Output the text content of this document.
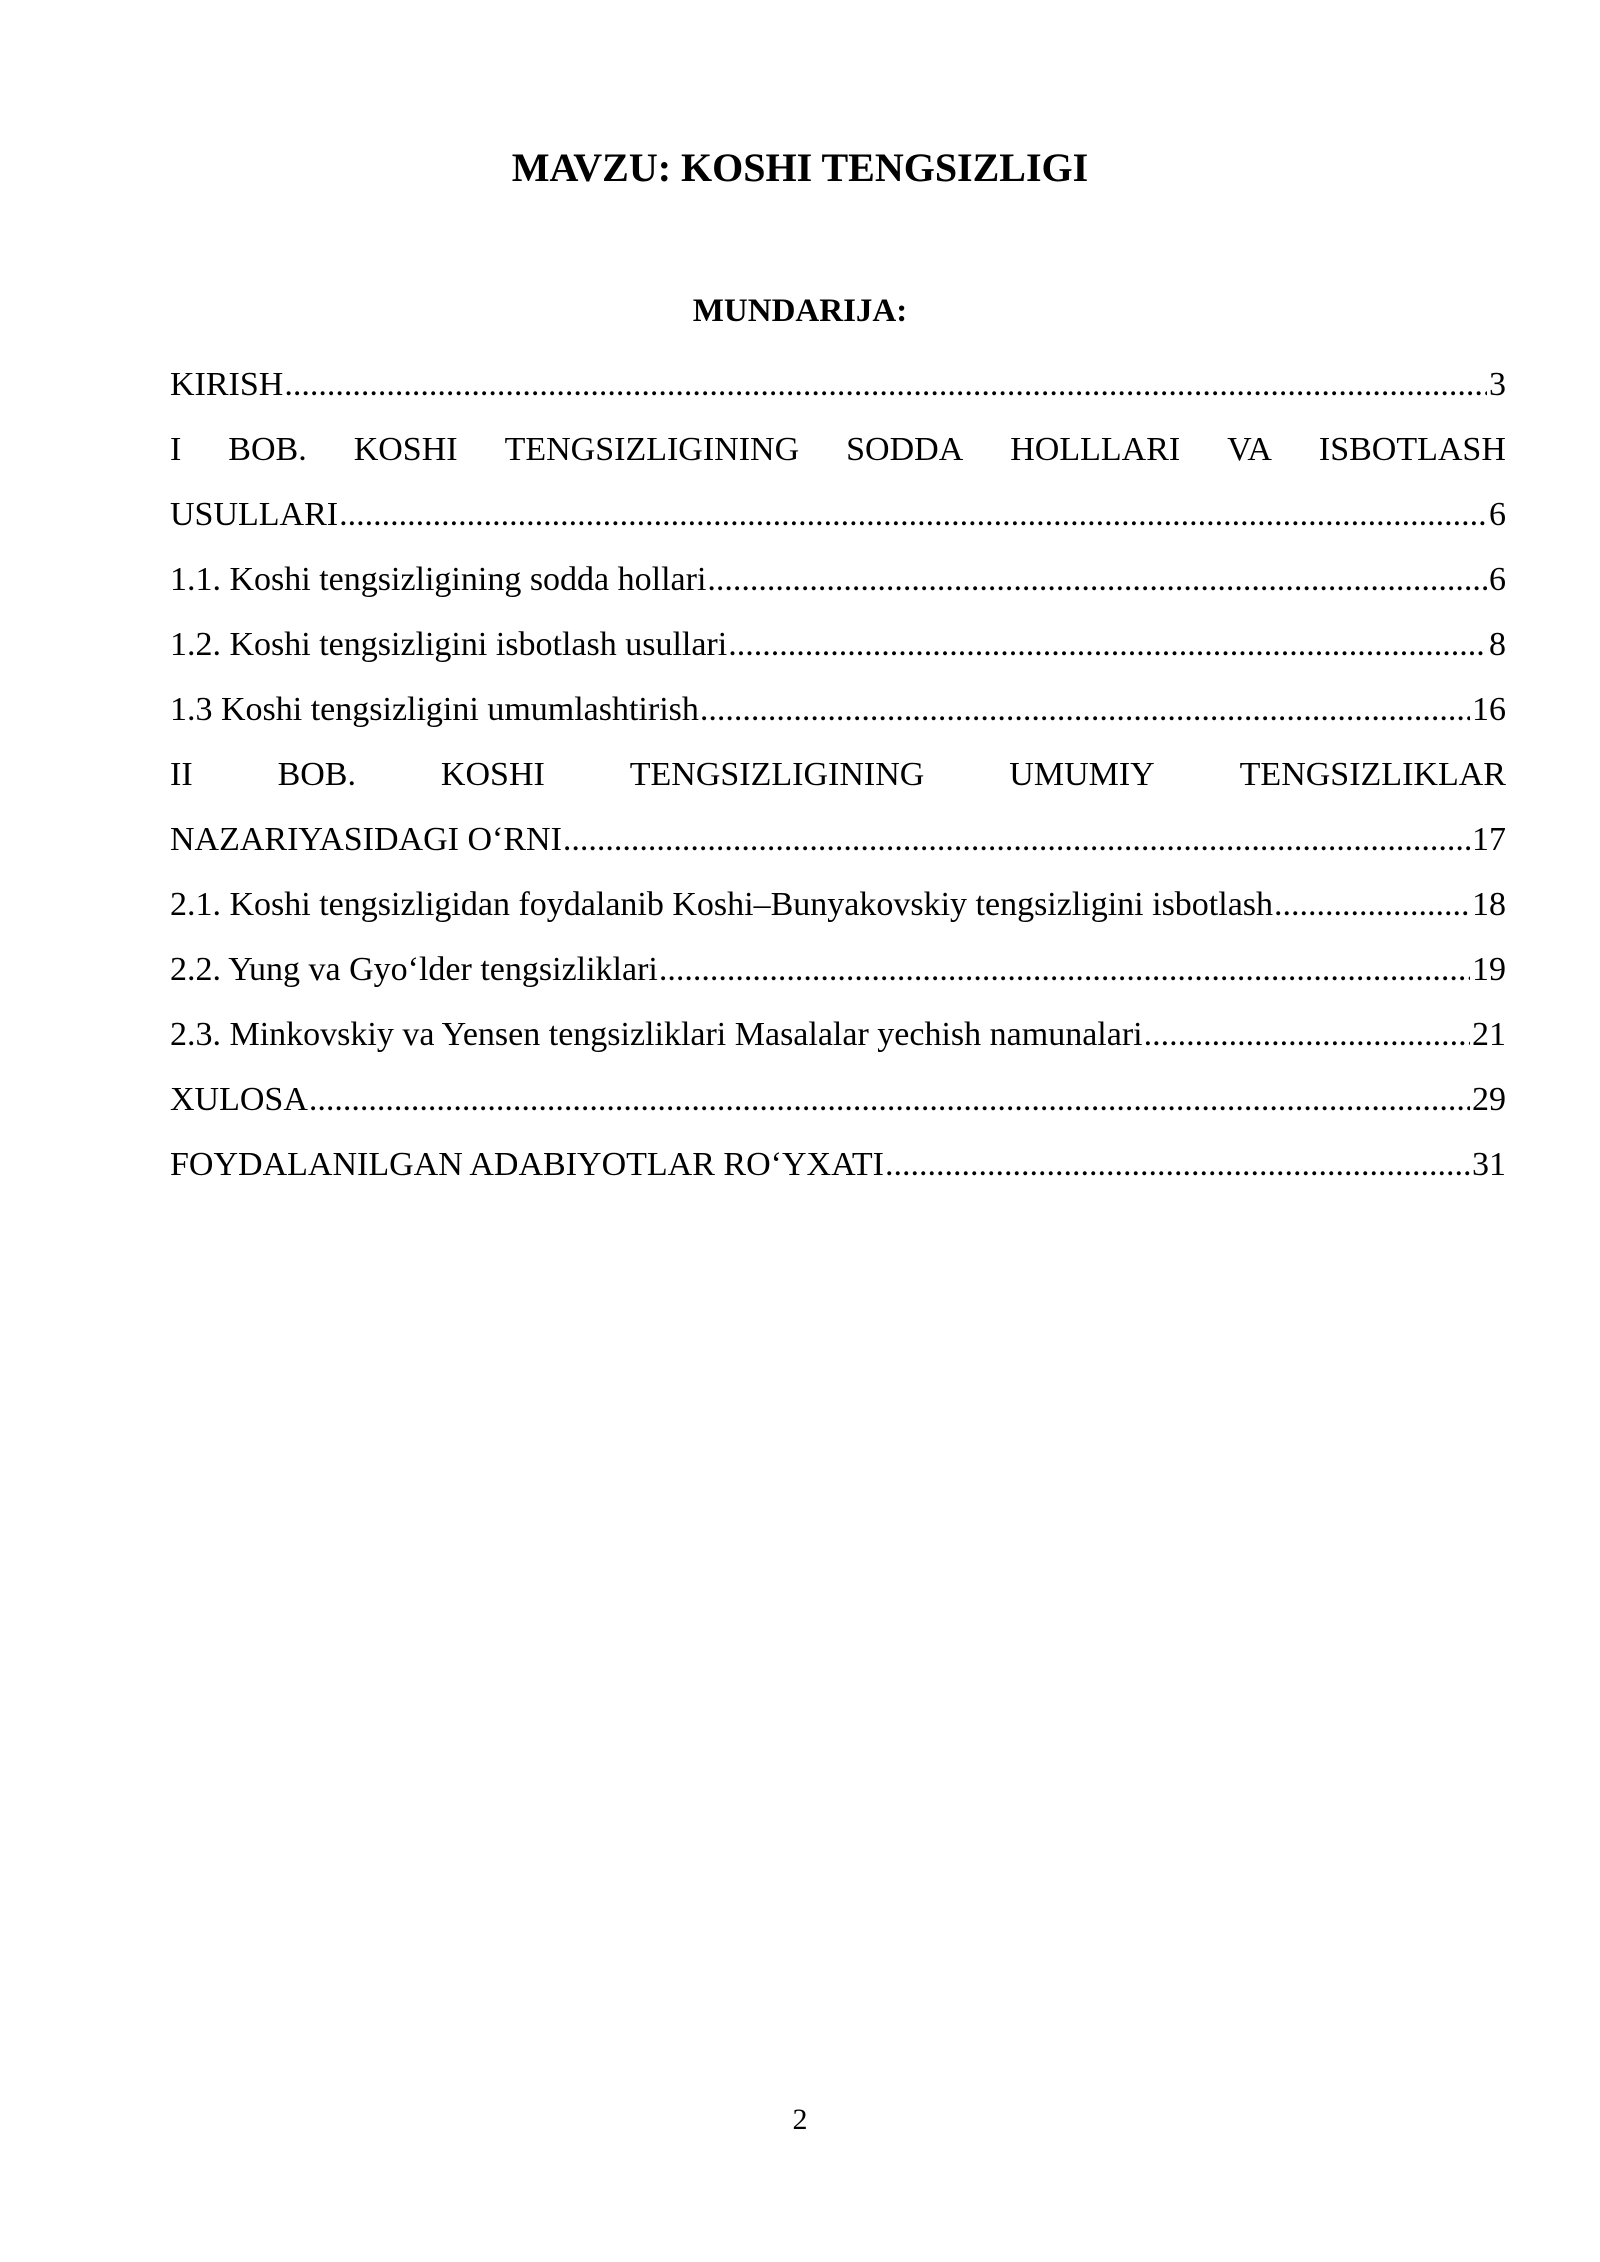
MAVZU: KOSHI TENGSIZLIGI
MUNDARIJA:
KIRISH .....	3
I BOB. KOSHI TENGSIZLIGINING SODDA HOLLLARI VA ISBOTLASH
USULLARI .....	6
1.1. Koshi tengsizligining sodda hollari .....	6
1.2. Koshi tengsizligini isbotlash usullari .....	8
1.3 Koshi tengsizligini umumlashtirish .....	16
II BOB. KOSHI TENGSIZLIGINING UMUMIY TENGSIZLIKLAR
NAZARIYASIDAGI O‘RNI .....	17
2.1. Koshi tengsizligidan foydalanib Koshi–Bunyakovskiy tengsizligini isbotlash .....	18
2.2. Yung va Gyo‘lder tengsizliklari .....	19
2.3. Minkovskiy va Yensen tengsizliklari Masalalar yechish namunalari .....	21
XULOSA .....	29
FOYDALANILGAN ADABIYOTLAR RO‘YXATI .....	31
2
